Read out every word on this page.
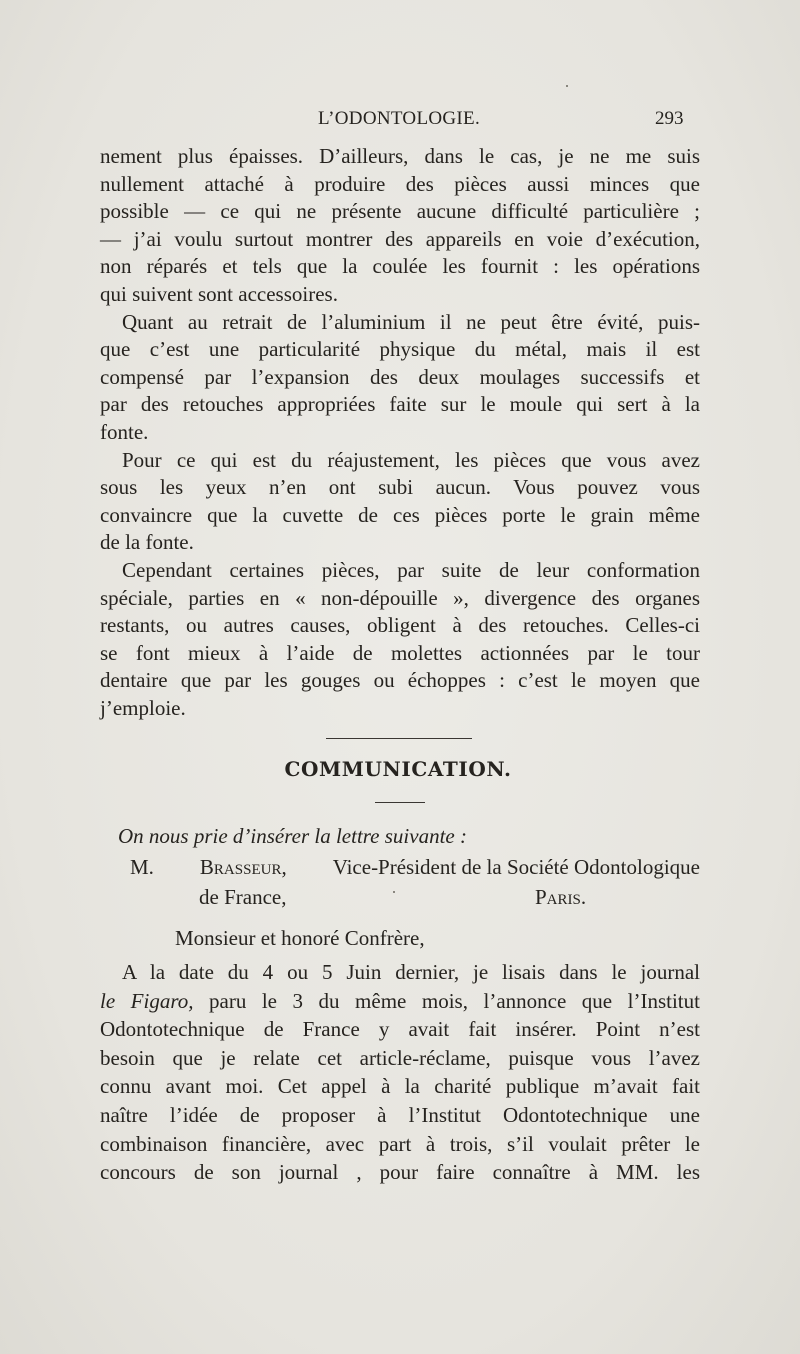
L’ODONTOLOGIE.	293
nement plus épaisses. D’ailleurs, dans le cas, je ne me suis
nullement attaché à produire des pièces aussi minces que
possible — ce qui ne présente aucune difficulté particulière ;
— j’ai voulu surtout montrer des appareils en voie d’exécution,
non réparés et tels que la coulée les fournit : les opérations
qui suivent sont accessoires.
Quant au retrait de l’aluminium il ne peut être évité, puis-
que c’est une particularité physique du métal, mais il est
compensé par l’expansion des deux moulages successifs et
par des retouches appropriées faite sur le moule qui sert à la
fonte.
Pour ce qui est du réajustement, les pièces que vous avez
sous les yeux n’en ont subi aucun. Vous pouvez vous
convaincre que la cuvette de ces pièces porte le grain même
de la fonte.
Cependant certaines pièces, par suite de leur conformation
spéciale, parties en « non-dépouille », divergence des organes
restants, ou autres causes, obligent à des retouches. Celles-ci
se font mieux à l’aide de molettes actionnées par le tour
dentaire que par les gouges ou échoppes : c’est le moyen que
j’emploie.
COMMUNICATION.
On nous prie d’insérer la lettre suivante :
M. Brasseur, Vice-Président de la Société Odontologique
de France,	Paris.
Monsieur et honoré Confrère,
A la date du 4 ou 5 Juin dernier, je lisais dans le journal
le Figaro, paru le 3 du même mois, l’annonce que l’Institut
Odontotechnique de France y avait fait insérer. Point n’est
besoin que je relate cet article-réclame, puisque vous l’avez
connu avant moi. Cet appel à la charité publique m’avait fait
naître l’idée de proposer à l’Institut Odontotechnique une
combinaison financière, avec part à trois, s’il voulait prêter le
concours de son journal , pour faire connaître à MM. les
